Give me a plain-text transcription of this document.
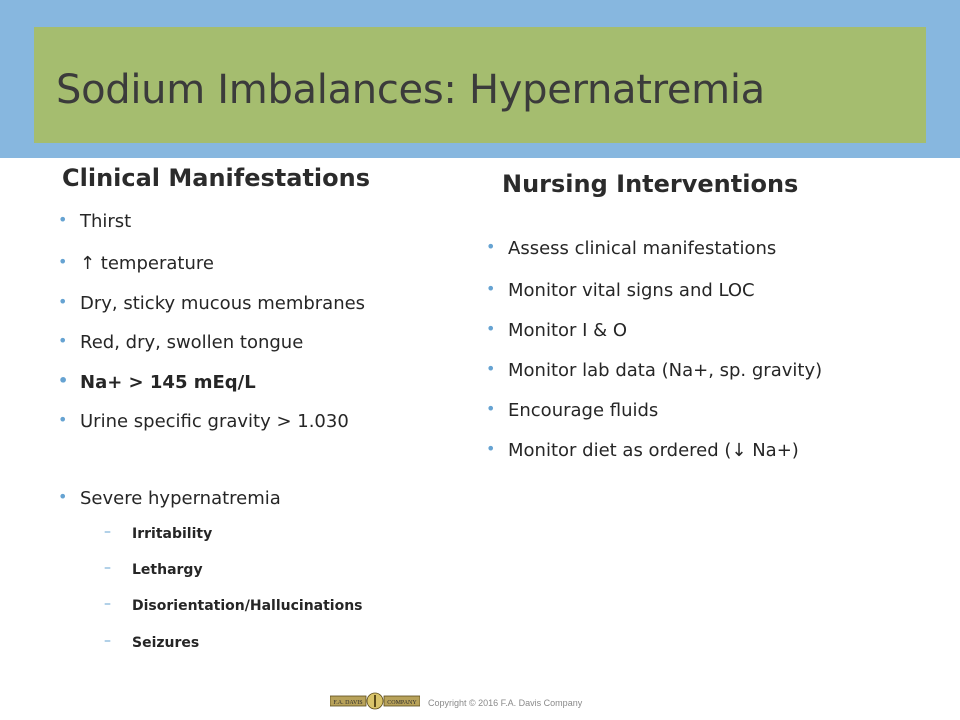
Sodium Imbalances: Hypernatremia
Clinical Manifestations	Nursing Interventions
• Thirst
• ↑ temperature
• Dry, sticky mucous membranes
• Red, dry, swollen tongue
• Na+ > 145 mEq/L
• Urine specific gravity > 1.030
• Severe hypernatremia
– Irritability
– Lethargy
– Disorientation/Hallucinations
– Seizures
• Assess clinical manifestations
• Monitor vital signs and LOC
• Monitor I & O
• Monitor lab data (Na+, sp. gravity)
• Encourage fluids
• Monitor diet as ordered (↓ Na+)
F.A. DAVIS	COMPANY Copyright © 2016 F.A. Davis Company
